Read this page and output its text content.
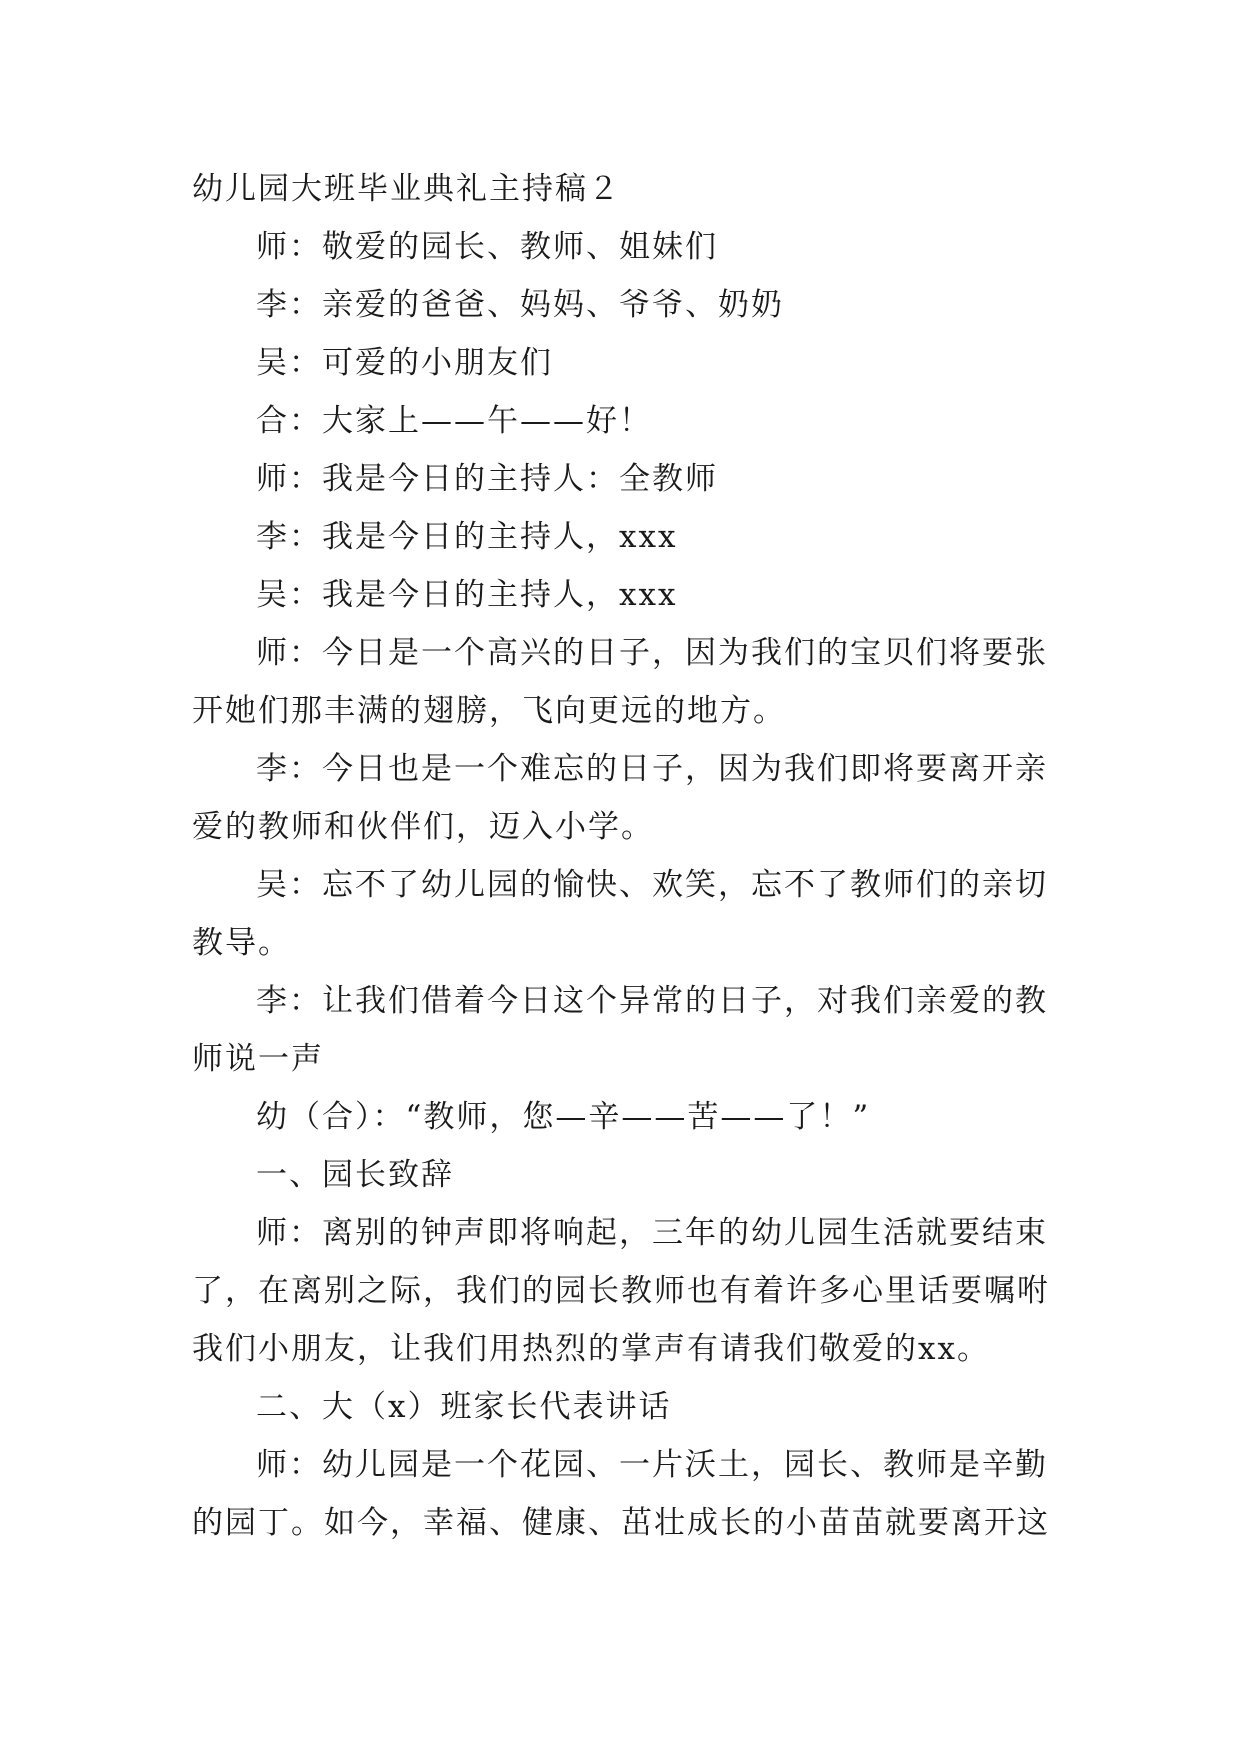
幼儿园大班毕业典礼主持稿２
师：敬爱的园长、教师、姐妹们
李：亲爱的爸爸、妈妈、爷爷、奶奶
吴：可爱的小朋友们
合：大家上——午——好！
师：我是今日的主持人：全教师
李：我是今日的主持人，xxx
吴：我是今日的主持人，xxx
师：今日是一个高兴的日子，因为我们的宝贝们将要张
开她们那丰满的翅膀，飞向更远的地方。
李：今日也是一个难忘的日子，因为我们即将要离开亲
爱的教师和伙伴们，迈入小学。
吴：忘不了幼儿园的愉快、欢笑，忘不了教师们的亲切
教导。
李：让我们借着今日这个异常的日子，对我们亲爱的教
师说一声
幼（合）：“教师，您—辛——苦——了！”
一、园长致辞
师：离别的钟声即将响起，三年的幼儿园生活就要结束
了，在离别之际，我们的园长教师也有着许多心里话要嘱咐
我们小朋友，让我们用热烈的掌声有请我们敬爱的xx。
二、大（x）班家长代表讲话
师：幼儿园是一个花园、一片沃土，园长、教师是辛勤
的园丁。如今，幸福、健康、茁壮成长的小苗苗就要离开这
